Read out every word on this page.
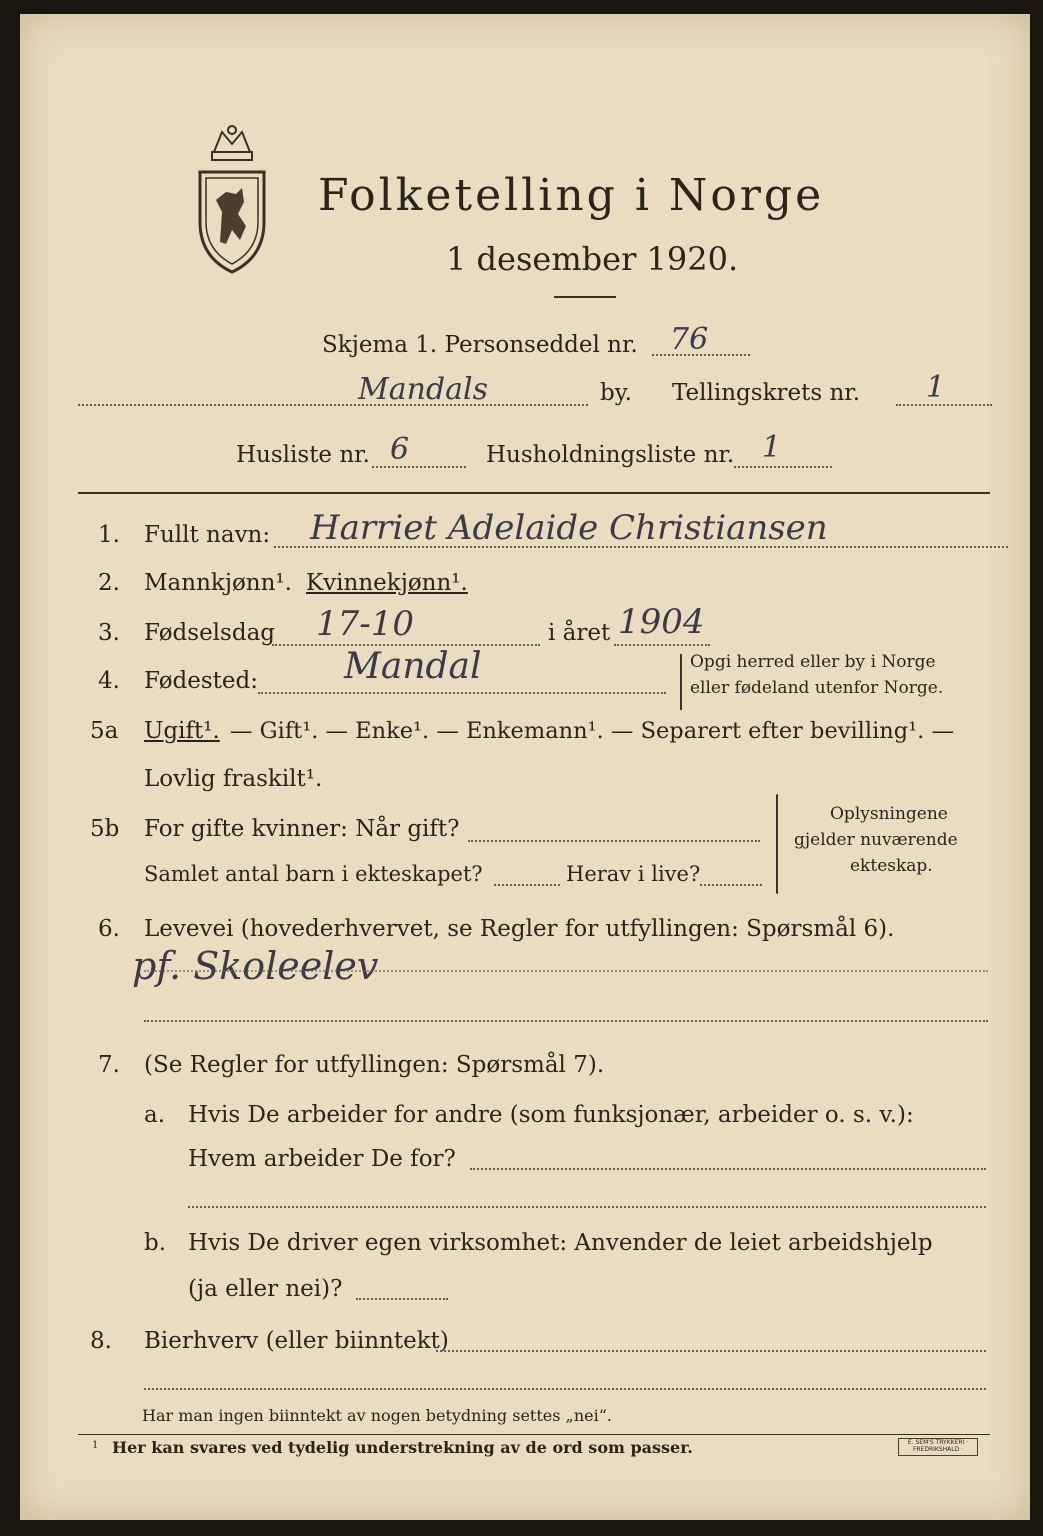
Folketelling i Norge
1 desember 1920.
Skjema 1. Personseddel nr. 76
Mandals	by. Tellingskrets nr. 1
Husliste nr. 6	Husholdningsliste nr. 1
1. Fullt navn: Harriet Adelaide Christiansen
2. Mannkjønn¹. Kvinnekjønn¹.
3. Fødselsdag 17-10	i året 1904
4. Fødested: Mandal	Opgi herred eller by i Norge
eller fødeland utenfor Norge.
5a Ugift¹. — Gift¹. — Enke¹. — Enkemann¹. — Separert efter bevilling¹. —
Lovlig fraskilt¹.
5b For gifte kvinner: Når gift?
Samlet antal barn i ekteskapet?	Herav i live?
Oplysningene
gjelder nuværende
ekteskap.
6. Levevei (hovederhvervet, se Regler for utfyllingen: Spørsmål 6).
pf. Skoleelev
7. (Se Regler for utfyllingen: Spørsmål 7).
a. Hvis De arbeider for andre (som funksjonær, arbeider o. s. v.):
Hvem arbeider De for?
b. Hvis De driver egen virksomhet: Anvender de leiet arbeidshjelp
(ja eller nei)?
8. Bierhverv (eller biinntekt)
Har man ingen biinntekt av nogen betydning settes „nei“.
1 Her kan svares ved tydelig understrekning av de ord som passer.	E. SEM'S TRYKKERI · FREDRIKSHALD ·
